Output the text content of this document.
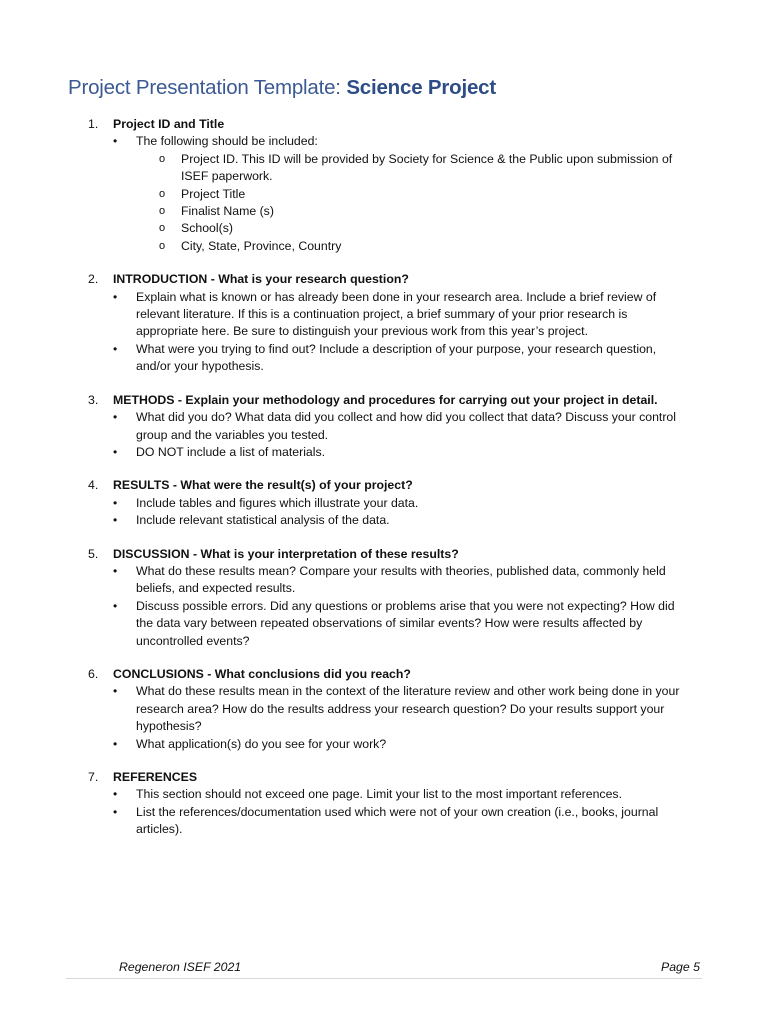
Project Presentation Template: Science Project
1.	Project ID and Title
• The following should be included:
o Project ID. This ID will be provided by Society for Science & the Public upon submission of ISEF paperwork.
o Project Title
o Finalist Name (s)
o School(s)
o City, State, Province, Country
2.	INTRODUCTION - What is your research question?
• Explain what is known or has already been done in your research area. Include a brief review of relevant literature. If this is a continuation project, a brief summary of your prior research is appropriate here. Be sure to distinguish your previous work from this year’s project.
• What were you trying to find out? Include a description of your purpose, your research question, and/or your hypothesis.
3.	METHODS - Explain your methodology and procedures for carrying out your project in detail.
• What did you do? What data did you collect and how did you collect that data? Discuss your control group and the variables you tested.
• DO NOT include a list of materials.
4.	RESULTS - What were the result(s) of your project?
• Include tables and figures which illustrate your data.
• Include relevant statistical analysis of the data.
5.	DISCUSSION - What is your interpretation of these results?
• What do these results mean? Compare your results with theories, published data, commonly held beliefs, and expected results.
• Discuss possible errors. Did any questions or problems arise that you were not expecting? How did the data vary between repeated observations of similar events? How were results affected by uncontrolled events?
6.	CONCLUSIONS - What conclusions did you reach?
• What do these results mean in the context of the literature review and other work being done in your research area? How do the results address your research question? Do your results support your hypothesis?
• What application(s) do you see for your work?
7.	REFERENCES
• This section should not exceed one page. Limit your list to the most important references.
• List the references/documentation used which were not of your own creation (i.e., books, journal articles).
Regeneron ISEF 2021	Page 5
